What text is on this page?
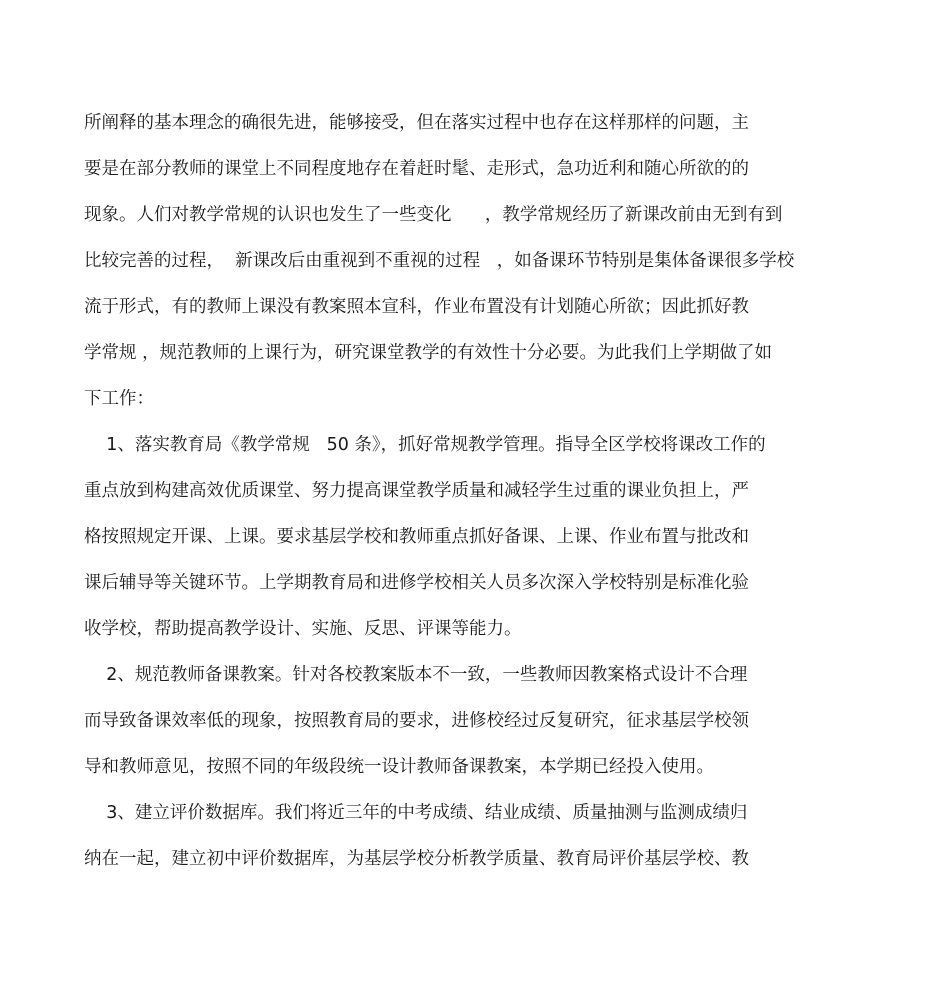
所阐释的基本理念的确很先进，能够接受，但在落实过程中也存在这样那样的问题，主

要是在部分教师的课堂上不同程度地存在着赶时髦、走形式，急功近利和随心所欲的的

现象。人们对教学常规的认识也发生了一些变化      ，教学常规经历了新课改前由无到有到

比较完善的过程，  新课改后由重视到不重视的过程   ，如备课环节特别是集体备课很多学校

流于形式，有的教师上课没有教案照本宣科，作业布置没有计划随心所欲；因此抓好教

学常规 ，规范教师的上课行为，研究课堂教学的有效性十分必要。为此我们上学期做了如

下工作：

1、落实教育局《教学常规   50 条》，抓好常规教学管理。指导全区学校将课改工作的

重点放到构建高效优质课堂、努力提高课堂教学质量和减轻学生过重的课业负担上，严

格按照规定开课、上课。要求基层学校和教师重点抓好备课、上课、作业布置与批改和

课后辅导等关键环节。上学期教育局和进修学校相关人员多次深入学校特别是标准化验

收学校，帮助提高教学设计、实施、反思、评课等能力。

2、规范教师备课教案。针对各校教案版本不一致，一些教师因教案格式设计不合理

而导致备课效率低的现象，按照教育局的要求，进修校经过反复研究，征求基层学校领

导和教师意见，按照不同的年级段统一设计教师备课教案，本学期已经投入使用。

3、建立评价数据库。我们将近三年的中考成绩、结业成绩、质量抽测与监测成绩归

纳在一起，建立初中评价数据库，为基层学校分析教学质量、教育局评价基层学校、教
